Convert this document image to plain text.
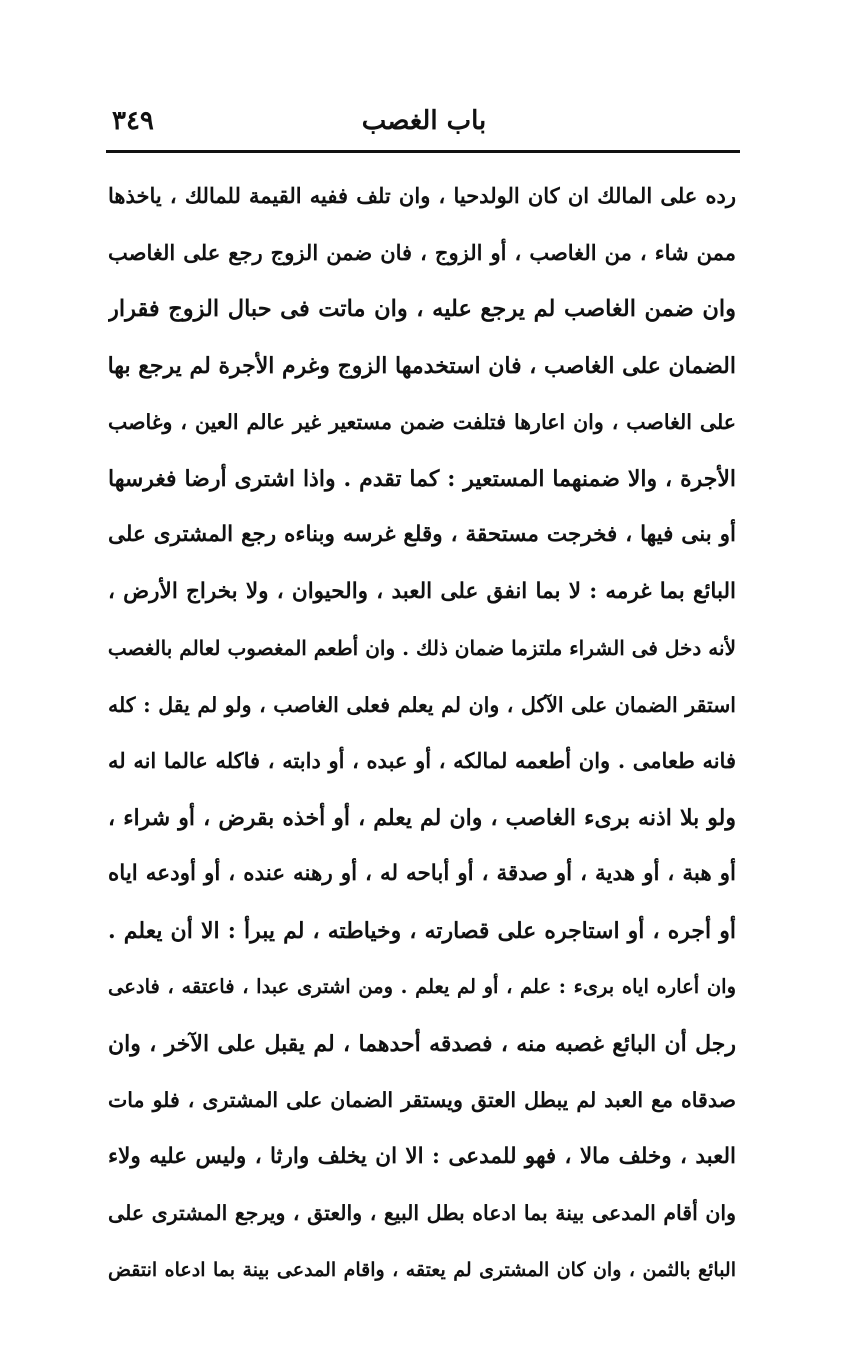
باب الغصب
٣٤٩
رده على المالك ان كان الولدحيا ، وان تلف ففيه القيمة للمالك ، ياخذها
ممن شاء ، من الغاصب ، أو الزوج ، فان ضمن الزوج رجع على الغاصب
وان ضمن الغاصب لم يرجع عليه ، وان ماتت فى حبال الزوج فقرار
الضمان على الغاصب ، فان استخدمها الزوج وغرم الأجرة لم يرجع بها
على الغاصب ، وان اعارها فتلفت ضمن مستعير غير عالم العين ، وغاصب
الأجرة ، والا ضمنهما المستعير : كما تقدم . واذا اشترى أرضا فغرسها
أو بنى فيها ، فخرجت مستحقة ، وقلع غرسه وبناءه رجع المشترى على
البائع بما غرمه : لا بما انفق على العبد ، والحيوان ، ولا بخراج الأرض ،
لأنه دخل فى الشراء ملتزما ضمان ذلك . وان أطعم المغصوب لعالم بالغصب
استقر الضمان على الآكل ، وان لم يعلم فعلى الغاصب ، ولو لم يقل : كله
فانه طعامى . وان أطعمه لمالكه ، أو عبده ، أو دابته ، فاكله عالما انه له
ولو بلا اذنه برىء الغاصب ، وان لم يعلم ، أو أخذه بقرض ، أو شراء ،
أو هبة ، أو هدية ، أو صدقة ، أو أباحه له ، أو رهنه عنده ، أو أودعه اياه
أو أجره ، أو استاجره على قصارته ، وخياطته ، لم يبرأ : الا أن يعلم .
وان أعاره اياه برىء : علم ، أو لم يعلم . ومن اشترى عبدا ، فاعتقه ، فادعى
رجل أن البائع غصبه منه ، فصدقه أحدهما ، لم يقبل على الآخر ، وان
صدقاه مع العبد لم يبطل العتق ويستقر الضمان على المشترى ، فلو مات
العبد ، وخلف مالا ، فهو للمدعى : الا ان يخلف وارثا ، وليس عليه ولاء
وان أقام المدعى بينة بما ادعاه بطل البيع ، والعتق ، ويرجع المشترى على
البائع بالثمن ، وان كان المشترى لم يعتقه ، واقام المدعى بينة بما ادعاه انتقض
